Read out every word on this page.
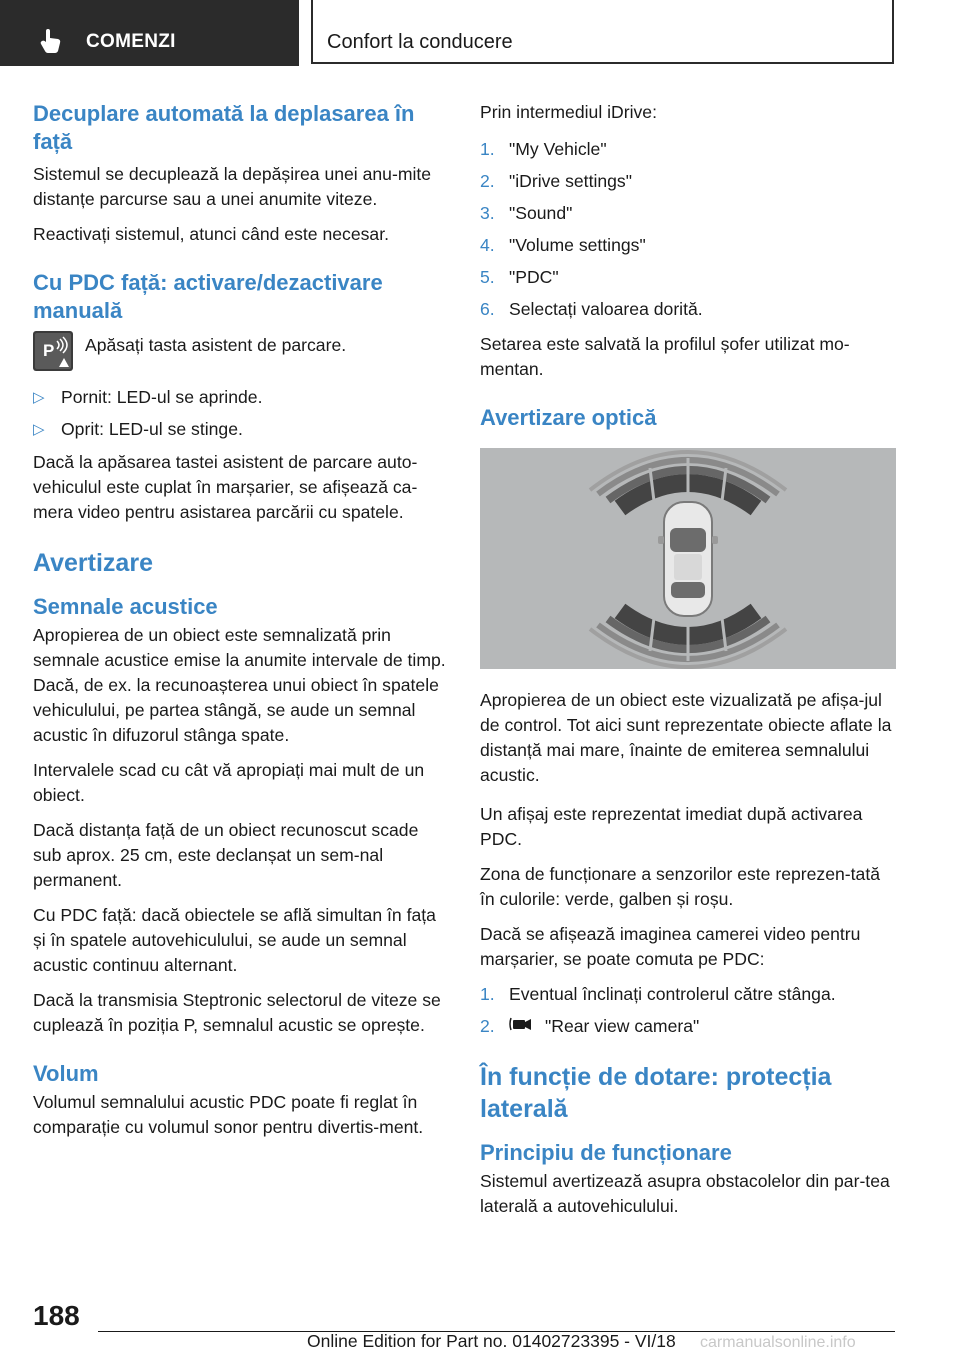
COMENZI	Confort la conducere
Decuplare automată la deplasarea în față

Sistemul se decuplează la depășirea unei anu-mite distanțe parcurse sau a unei anumite viteze.

Reactivați sistemul, atunci când este necesar.

Cu PDC față: activare/dezactivare manuală
P Apăsați tasta asistent de parcare.

▷ Pornit: LED-ul se aprinde.
▷ Oprit: LED-ul se stinge.

Dacă la apăsarea tastei asistent de parcare auto-vehiculul este cuplat în marșarier, se afișează ca-mera video pentru asistarea parcării cu spatele.

Avertizare
Semnale acustice

Apropierea de un obiect este semnalizată prin semnale acustice emise la anumite intervale de timp. Dacă, de ex. la recunoașterea unui obiect în spatele vehiculului, pe partea stângă, se aude un semnal acustic în difuzorul stânga spate.

Intervalele scad cu cât vă apropiați mai mult de un obiect.

Dacă distanța față de un obiect recunoscut scade sub aprox. 25 cm, este declanșat un sem-nal permanent.

Cu PDC față: dacă obiectele se află simultan în fața și în spatele autovehiculului, se aude un semnal acustic continuu alternant.

Dacă la transmisia Steptronic selectorul de viteze se cuplează în poziția P, semnalul acustic se oprește.

Volum

Volumul semnalului acustic PDC poate fi reglat în comparație cu volumul sonor pentru divertis-ment.

Prin intermediul iDrive:

1. "My Vehicle"
2. "iDrive settings"
3. "Sound"
4. "Volume settings"
5. "PDC"
6. Selectați valoarea dorită.

Setarea este salvată la profilul șofer utilizat mo-mentan.

Avertizare optică

Apropierea de un obiect este vizualizată pe afișa-jul de control. Tot aici sunt reprezentate obiecte aflate la distanță mai mare, înainte de emiterea semnalului acustic.

Un afișaj este reprezentat imediat după activarea PDC.

Zona de funcționare a senzorilor este reprezen-tată în culorile: verde, galben și roșu.

Dacă se afișează imaginea camerei video pentru marșarier, se poate comuta pe PDC:

1. Eventual înclinați controlerul către stânga.
2.	"Rear view camera"
În funcție de dotare: protecția laterală
Principiu de funcționare

Sistemul avertizează asupra obstacolelor din par-tea laterală a autovehiculului.

188
Online Edition for Part no. 01402723395 - VI/18 carmanualsonline.info
